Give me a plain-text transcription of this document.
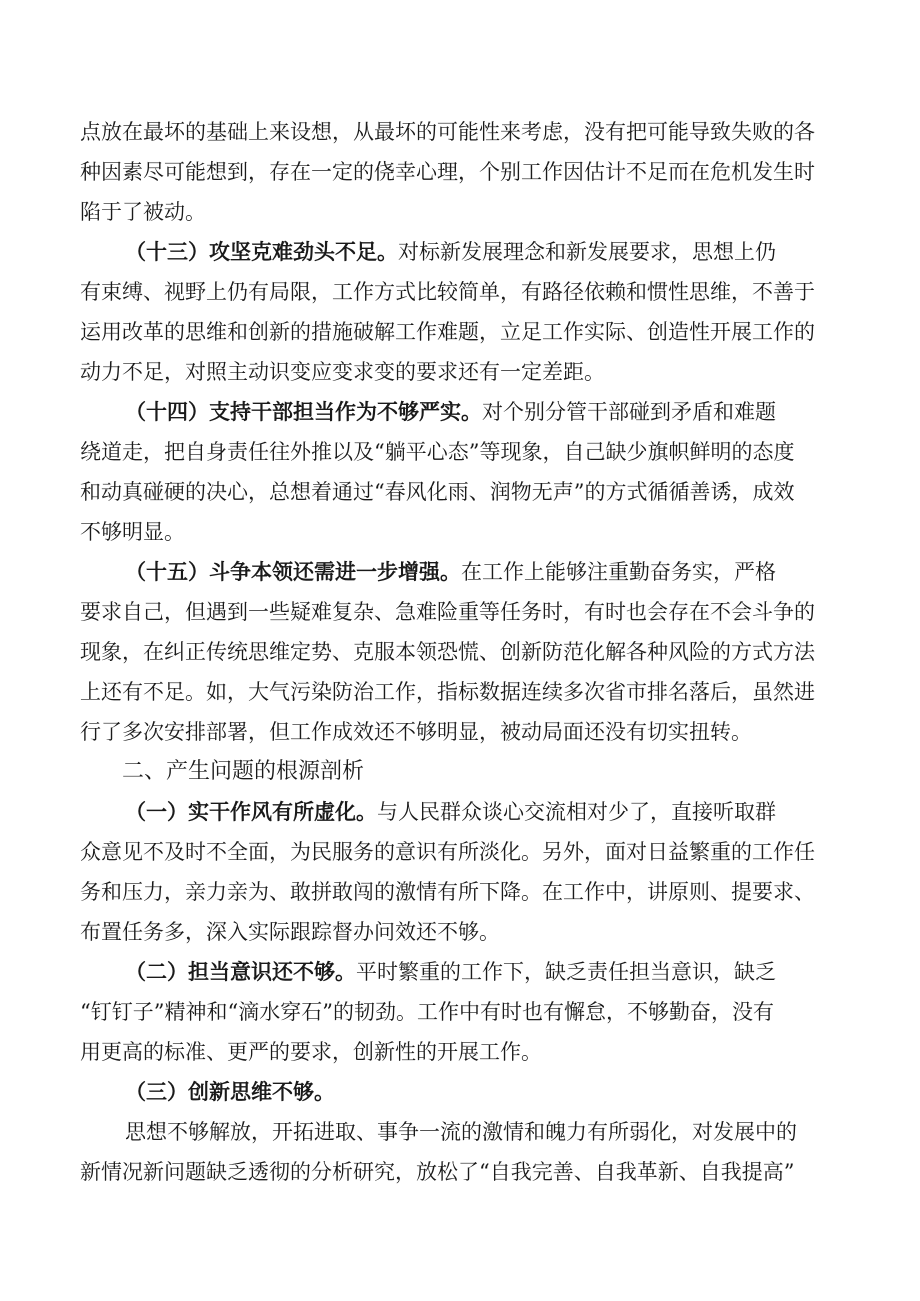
点放在最坏的基础上来设想，从最坏的可能性来考虑，没有把可能导致失败的各
种因素尽可能想到，存在一定的侥幸心理，个别工作因估计不足而在危机发生时
陷于了被动。
（十三）攻坚克难劲头不足。对标新发展理念和新发展要求，思想上仍
有束缚、视野上仍有局限，工作方式比较简单，有路径依赖和惯性思维，不善于
运用改革的思维和创新的措施破解工作难题，立足工作实际、创造性开展工作的
动力不足，对照主动识变应变求变的要求还有一定差距。
（十四）支持干部担当作为不够严实。对个别分管干部碰到矛盾和难题
绕道走，把自身责任往外推以及“躺平心态”等现象，自己缺少旗帜鲜明的态度
和动真碰硬的决心，总想着通过“春风化雨、润物无声”的方式循循善诱，成效
不够明显。
（十五）斗争本领还需进一步增强。在工作上能够注重勤奋务实，严格
要求自己，但遇到一些疑难复杂、急难险重等任务时，有时也会存在不会斗争的
现象，在纠正传统思维定势、克服本领恐慌、创新防范化解各种风险的方式方法
上还有不足。如，大气污染防治工作，指标数据连续多次省市排名落后，虽然进
行了多次安排部署，但工作成效还不够明显，被动局面还没有切实扭转。
二、产生问题的根源剖析
（一）实干作风有所虚化。与人民群众谈心交流相对少了，直接听取群
众意见不及时不全面，为民服务的意识有所淡化。另外，面对日益繁重的工作任
务和压力，亲力亲为、敢拼敢闯的激情有所下降。在工作中，讲原则、提要求、
布置任务多，深入实际跟踪督办问效还不够。
（二）担当意识还不够。平时繁重的工作下，缺乏责任担当意识，缺乏
“钉钉子”精神和“滴水穿石”的韧劲。工作中有时也有懈怠，不够勤奋，没有
用更高的标准、更严的要求，创新性的开展工作。
（三）创新思维不够。
思想不够解放，开拓进取、事争一流的激情和魄力有所弱化，对发展中的
新情况新问题缺乏透彻的分析研究，放松了“自我完善、自我革新、自我提高”
